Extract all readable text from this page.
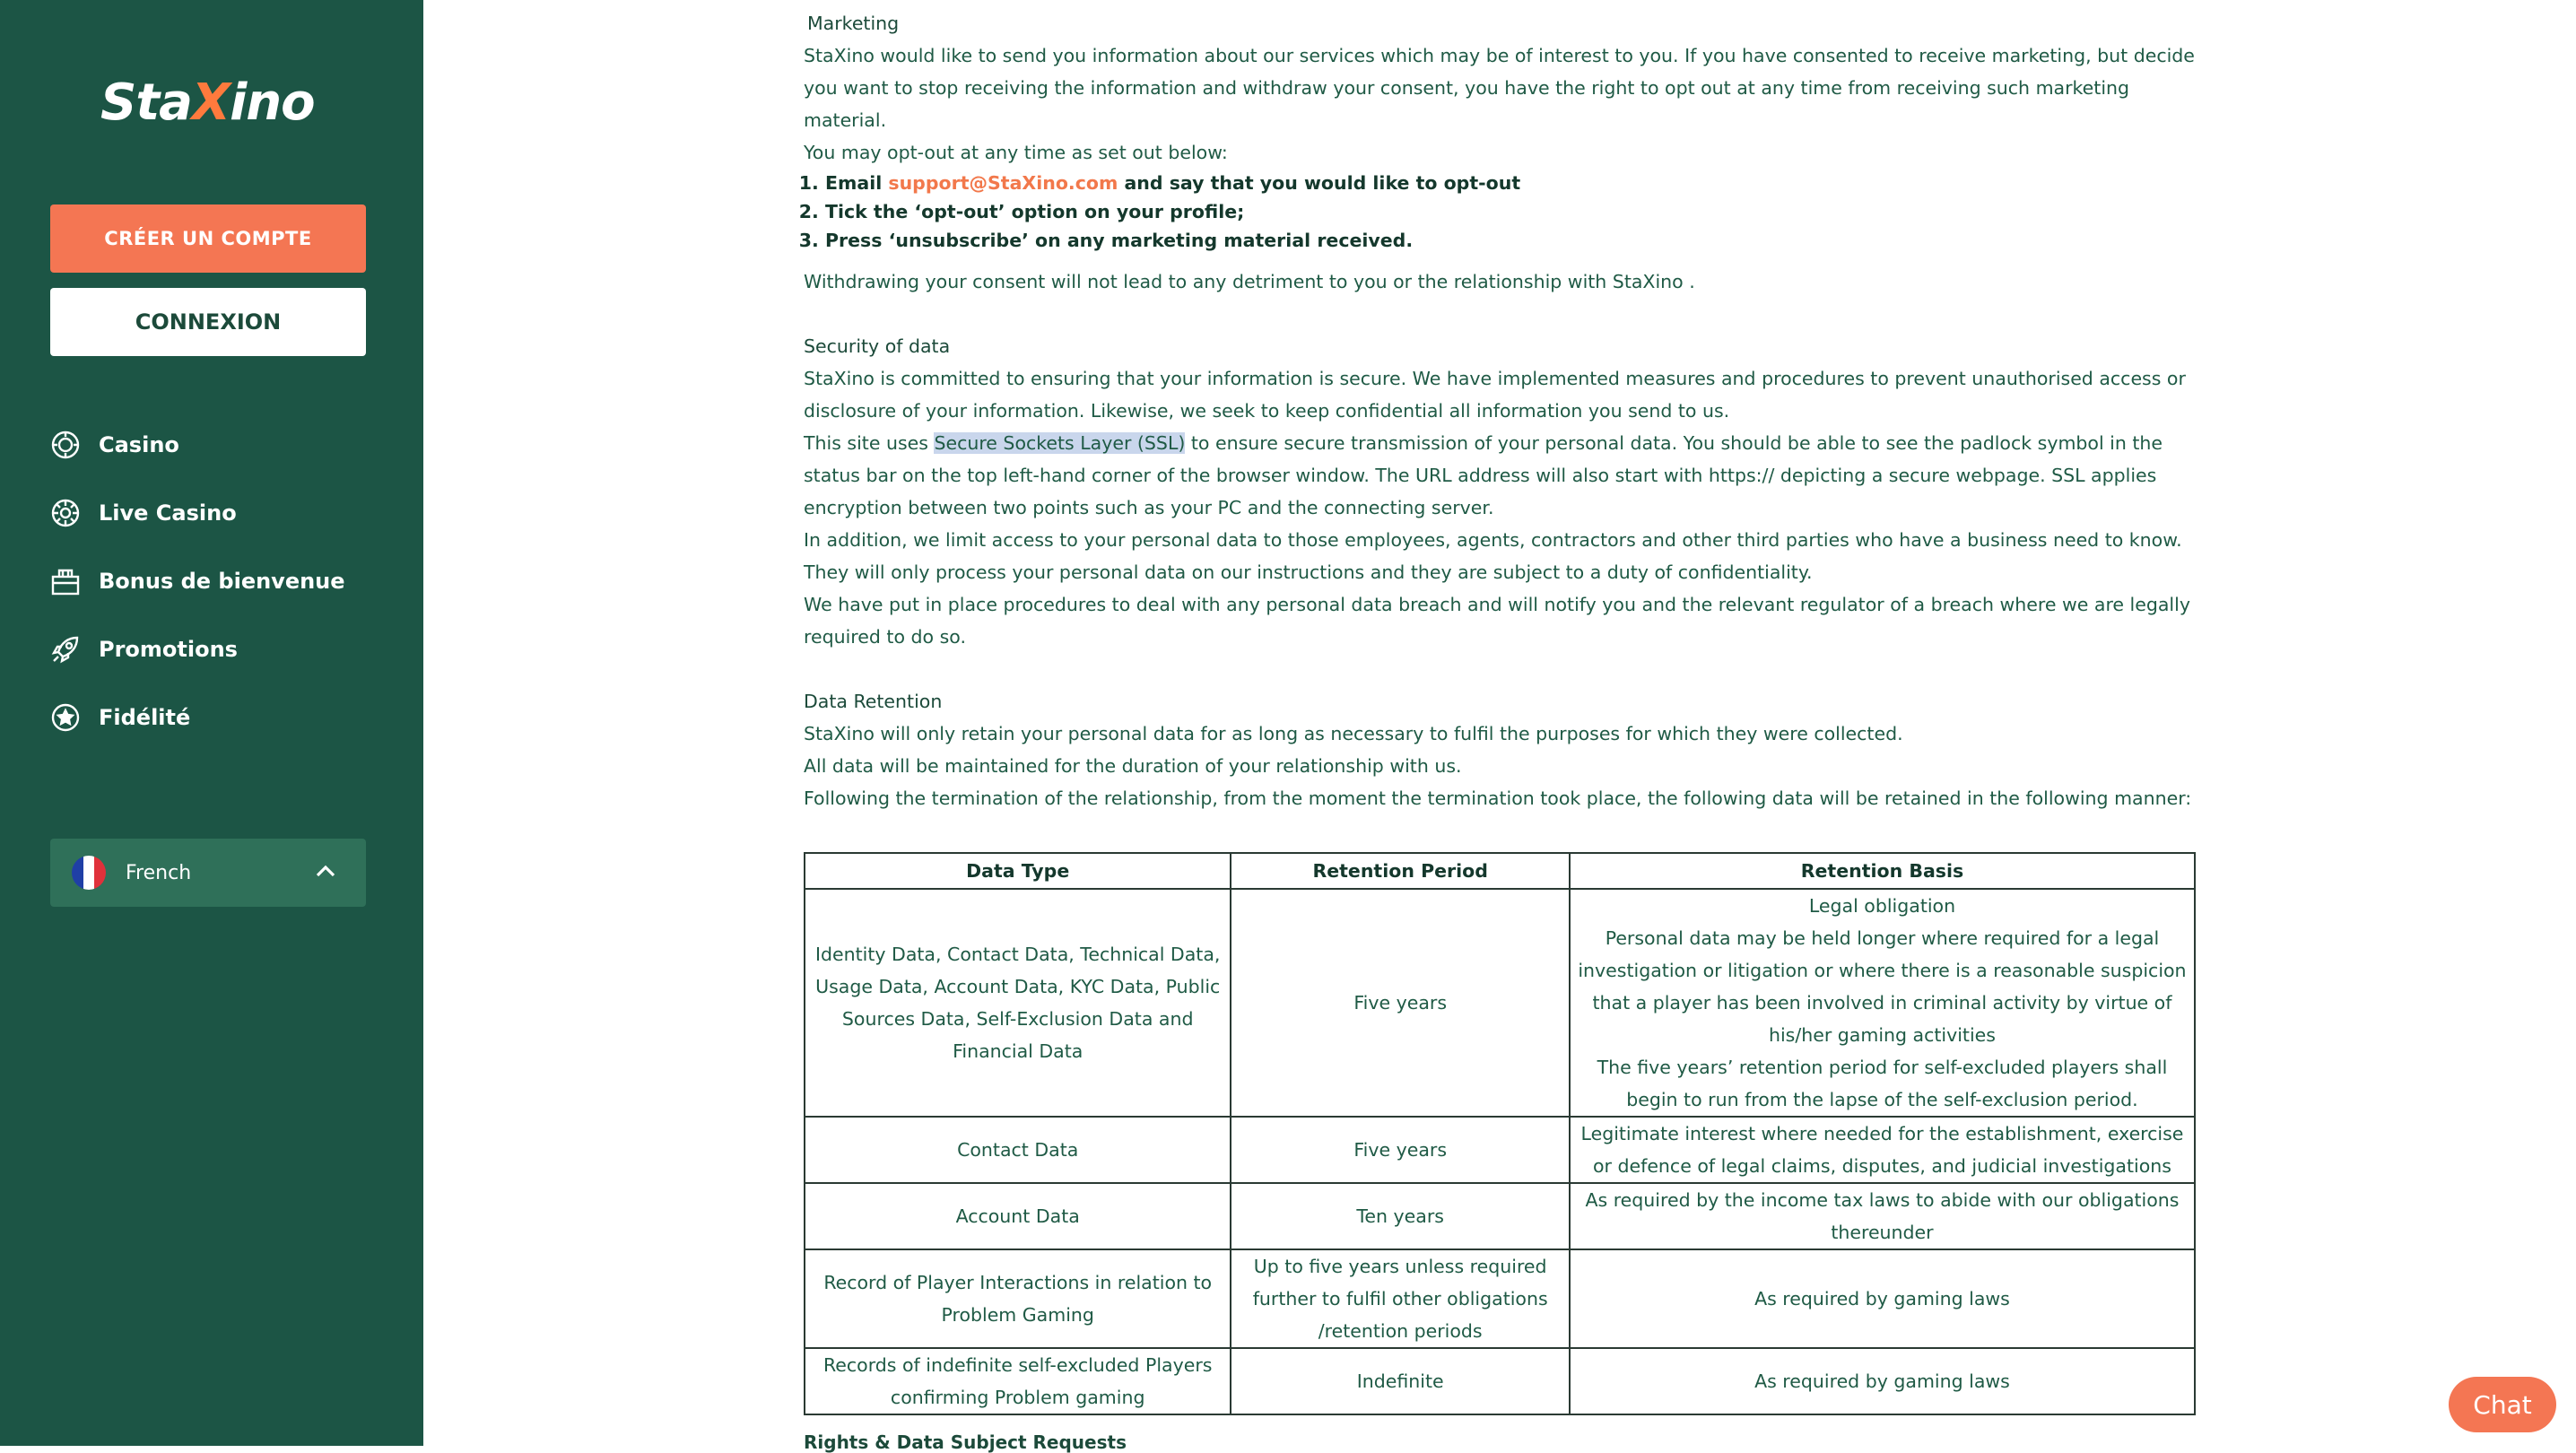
StaXino
CRÉER UN COMPTE
CONNEXION
Casino
Live Casino
Bonus de bienvenue
Promotions
Fidélité
French

Marketing

StaXino would like to send you information about our services which may be of interest to you. If you have consented to receive marketing, but decide you want to stop receiving the information and withdraw your consent, you have the right to opt out at any time from receiving such marketing material.

You may opt-out at any time as set out below:

1. Email support@StaXino.com and say that you would like to opt-out
2. Tick the ‘opt-out’ option on your profile;
3. Press ‘unsubscribe’ on any marketing material received.

Withdrawing your consent will not lead to any detriment to you or the relationship with StaXino .

Security of data

StaXino is committed to ensuring that your information is secure. We have implemented measures and procedures to prevent unauthorised access or disclosure of your information. Likewise, we seek to keep confidential all information you send to us.

This site uses Secure Sockets Layer (SSL) to ensure secure transmission of your personal data. You should be able to see the padlock symbol in the status bar on the top left-hand corner of the browser window. The URL address will also start with https:// depicting a secure webpage. SSL applies encryption between two points such as your PC and the connecting server.

In addition, we limit access to your personal data to those employees, agents, contractors and other third parties who have a business need to know. They will only process your personal data on our instructions and they are subject to a duty of confidentiality.

We have put in place procedures to deal with any personal data breach and will notify you and the relevant regulator of a breach where we are legally required to do so.

Data Retention

StaXino will only retain your personal data for as long as necessary to fulfil the purposes for which they were collected.

All data will be maintained for the duration of your relationship with us.

Following the termination of the relationship, from the moment the termination took place, the following data will be retained in the following manner:

Data Type	Retention Period	Retention Basis
Identity Data, Contact Data, Technical Data, Usage Data, Account Data, KYC Data, Public Sources Data, Self-Exclusion Data and Financial Data	Five years	Legal obligation
Personal data may be held longer where required for a legal investigation or litigation or where there is a reasonable suspicion that a player has been involved in criminal activity by virtue of his/her gaming activities
The five years’ retention period for self-excluded players shall begin to run from the lapse of the self-exclusion period.

Contact Data	Five years	Legitimate interest where needed for the establishment, exercise or defence of legal claims, disputes, and judicial investigations
Account Data	Ten years	As required by the income tax laws to abide with our obligations thereunder
Record of Player Interactions in relation to Problem Gaming	Up to five years unless required further to fulfil other obligations /retention periods	As required by gaming laws
Records of indefinite self-excluded Players confirming Problem gaming	Indefinite	As required by gaming laws
Rights & Data Subject Requests
Chat
